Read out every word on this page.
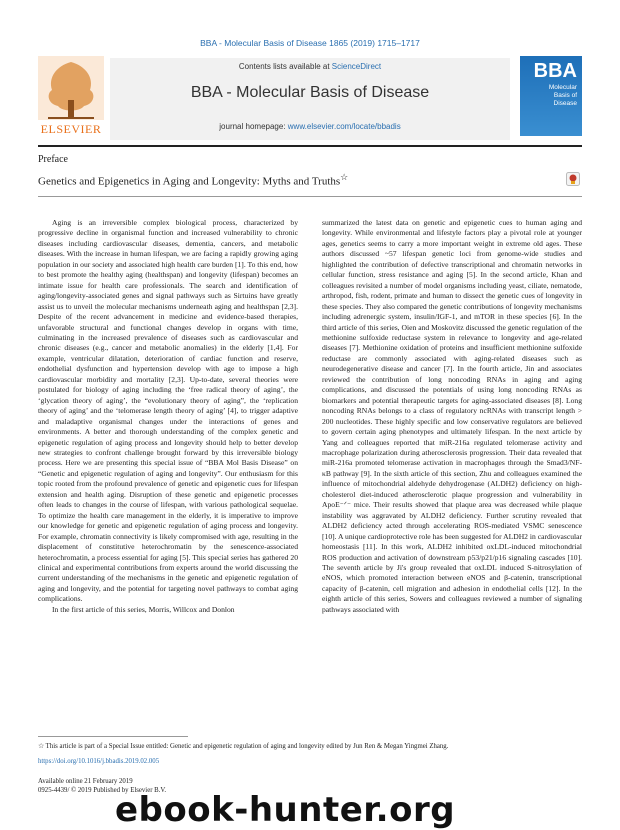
BBA - Molecular Basis of Disease 1865 (2019) 1715–1717
ELSEVIER
Contents lists available at ScienceDirect
BBA - Molecular Basis of Disease
journal homepage: www.elsevier.com/locate/bbadis
BBA
Molecular
Basis of
Disease
Preface
Genetics and Epigenetics in Aging and Longevity: Myths and Truths☆

Aging is an irreversible complex biological process, characterized by progressive decline in organismal function and increased vulnerability to chronic diseases including cardiovascular diseases, dementia, cancers, and metabolic diseases. With the increase in human lifespan, we are facing a rapidly growing aging population in our society and associated high health care burden [1]. To this end, how to best promote the healthy aging (healthspan) and longevity (lifespan) becomes an intimate issue for health care professionals. The search and identification of aging/longevity-associated genes and signal pathways such as Sirtuins have greatly assist us to unveil the molecular mechanisms underneath aging and healthspan [2,3]. Despite of the recent advancement in medicine and evidence-based therapies, unfavorable structural and functional changes develop in organs with time, culminating in the increased prevalence of diseases such as cardiovascular and chronic diseases (e.g., cancer and metabolic anomalies) in the elderly [1,4]. For example, ventricular dilatation, deterioration of cardiac function and reserve, endothelial dysfunction and hypertension develop with age to impose a high cardiovascular morbidity and mortality [2,3]. Up-to-date, several theories were postulated for biology of aging including the ‘free radical theory of aging’, the ‘glycation theory of aging’, the “evolutionary theory of aging”, the ‘replication theory of aging’ and the ‘telomerase length theory of aging’ [4], to trigger adaptive and maladaptive organismal changes under the interactions of genes and environments. A better and thorough understanding of the complex genetic and epigenetic regulation of aging process and longevity should help to better develop new strategies to confront challenge brought forward by this irreversible biology process. Here we are presenting this special issue of “BBA Mol Basis Disease” on “Genetic and epigenetic regulation of aging and longevity”. Our enthusiasm for this topic rooted from the profound prevalence of genetic and epigenetic cues for lifespan extension and health aging. Disruption of these genetic and epigenetic processes often leads to changes in the course of lifespan, with various pathological sequelae. To optimize the health care management in the elderly, it is imperative to improve our knowledge for genetic and epigenetic regulation of aging process and longevity. For example, chromatin connectivity is likely compromised with age, resulting in the displacement of constitutive heterochromatin by the senescence-associated heterochromatin, a process essential for aging [5]. This special series has gathered 20 clinical and experimental contributions from experts around the world discussing the current understanding of the mechanisms in the genetic and epigenetic regulation of aging and longevity, and the potential for targeting novel pathways to combat aging complications.

In the first article of this series, Morris, Willcox and Donlon

summarized the latest data on genetic and epigenetic cues to human aging and longevity. While environmental and lifestyle factors play a pivotal role at younger ages, genetics seems to carry a more important weight in extreme old ages. These authors discussed ~57 lifespan genetic loci from genome-wide studies and highlighted the contribution of defective transcriptional and chromatin networks in cellular function, stress resistance and aging [5]. In the second article, Khan and colleagues revisited a number of model organisms including yeast, ciliate, nematode, arthropod, fish, rodent, primate and human to dissect the genetic cues of longevity in these species. They also compared the genetic contributions of longevity mechanisms including adrenergic system, insulin/IGF-1, and mTOR in these species [6]. In the third article of this series, Oien and Moskovitz discussed the genetic regulation of the methionine sulfoxide reductase system in relevance to longevity and age-related diseases [7]. Methionine oxidation of proteins and insufficient methionine sulfoxide reductase are commonly associated with aging-related diseases such as neurodegenerative disease and cancer [7]. In the fourth article, Jin and associates reviewed the contribution of long noncoding RNAs in aging and aging complications, and discussed the potentials of using long noncoding RNAs as biomarkers and potential therapeutic targets for aging-associated diseases [8]. Long noncoding RNAs belongs to a class of regulatory ncRNAs with transcript length > 200 nucleotides. These highly specific and low conservative regulators are believed to govern certain aging phenotypes and ultimately lifespan. In the next article by Yang and colleagues reported that miR-216a regulated telomerase activity and macrophage polarization during atherosclerosis progression. Their data revealed that miR-216a promoted telomerase activation in macrophages through the Smad3/NF-κB pathway [9]. In the sixth article of this section, Zhu and colleagues examined the influence of mitochondrial aldehyde dehydrogenase (ALDH2) deficiency on high-cholesterol diet-induced atherosclerotic plaque progression and vulnerability in ApoE⁻ᐟ⁻ mice. Their results showed that plaque area was decreased while plaque instability was aggravated by ALDH2 deficiency. Further scrutiny revealed that ALDH2 deficiency acted through accelerating ROS-mediated VSMC senescence [10]. A unique cardioprotective role has been suggested for ALDH2 in cardiovascular homeostasis [11]. In this work, ALDH2 inhibited oxLDL-induced mitochondrial ROS production and activation of downstream p53/p21/p16 signaling cascades [10]. The seventh article by Ji's group revealed that oxLDL induced S-nitrosylation of eNOS, which promoted interaction between eNOS and β-catenin, transcriptional capacity of β-catenin, cell migration and adhesion in endothelial cells [12]. In the eighth article of this series, Sowers and colleagues reviewed a number of signaling pathways associated with

☆ This article is part of a Special Issue entitled: Genetic and epigenetic regulation of aging and longevity edited by Jun Ren & Megan Yingmei Zhang.
https://doi.org/10.1016/j.bbadis.2019.02.005
Available online 21 February 2019
0925-4439/ © 2019 Published by Elsevier B.V.
ebook-hunter.org
